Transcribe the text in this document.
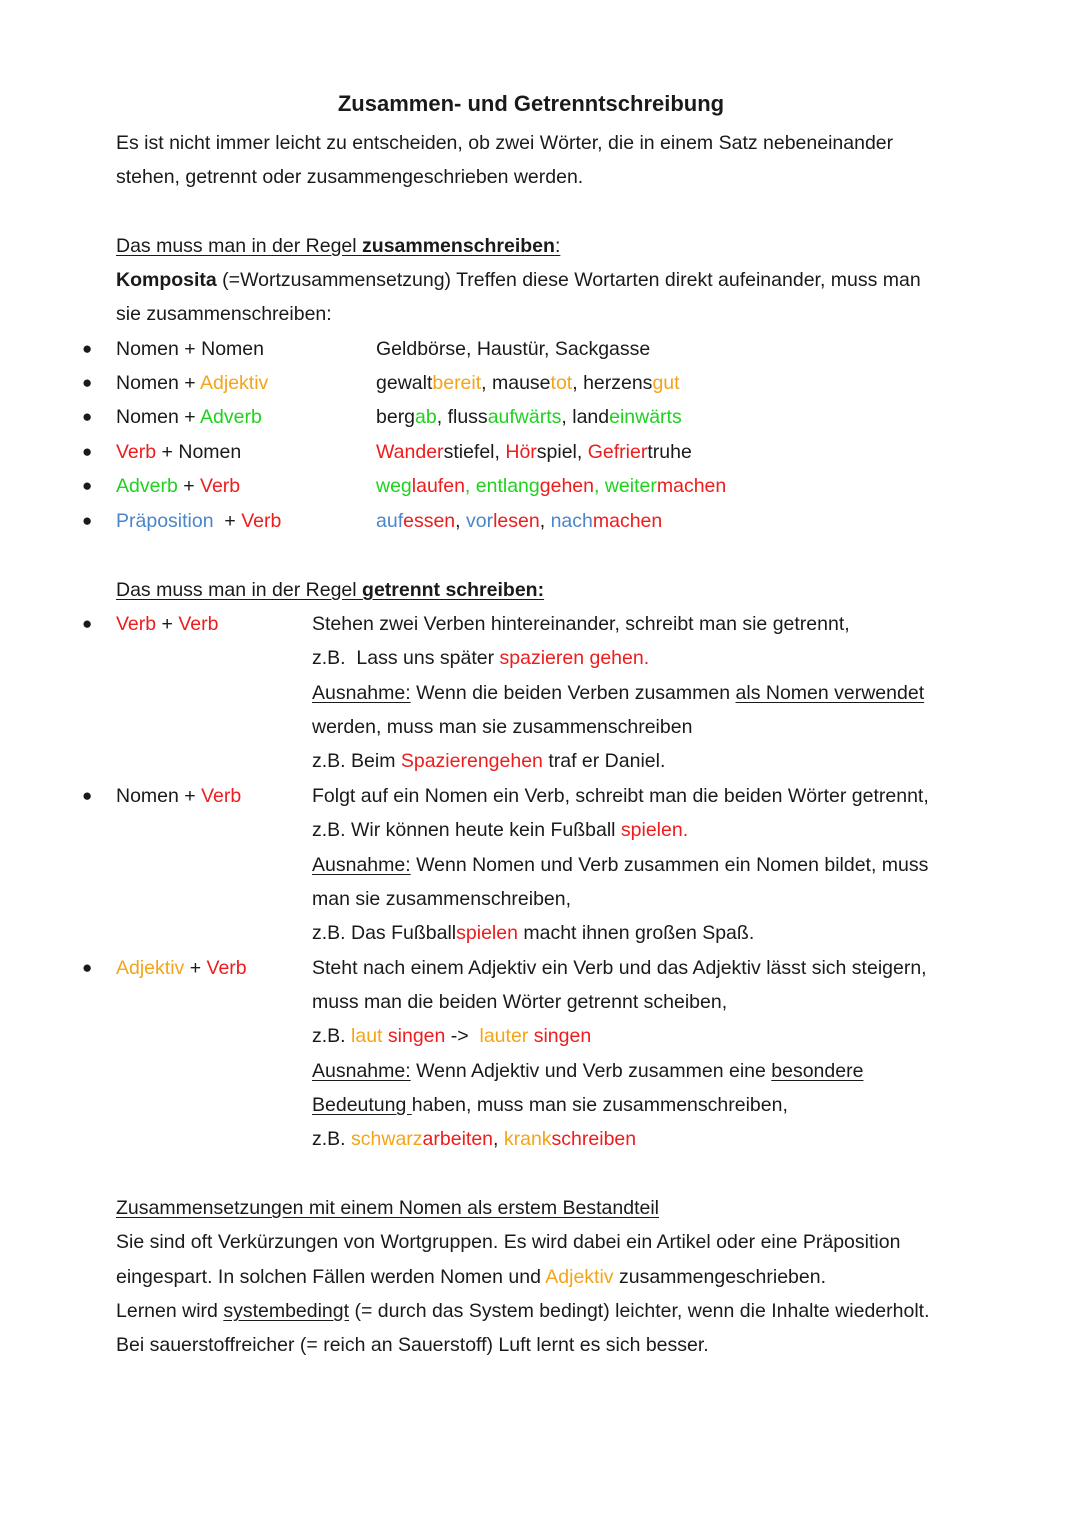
Zusammen- und Getrenntschreibung
Es ist nicht immer leicht zu entscheiden, ob zwei Wörter, die in einem Satz nebeneinander
stehen, getrennt oder zusammengeschrieben werden.
Das muss man in der Regel zusammenschreiben:
Komposita (=Wortzusammensetzung) Treffen diese Wortarten direkt aufeinander, muss man
sie zusammenschreiben:
● Nomen + Nomen	Geldbörse, Haustür, Sackgasse
● Nomen + Adjektiv	gewaltbereit, mausetot, herzensgut
● Nomen + Adverb	bergab, flussaufwärts, landeinwärts
● Verb + Nomen	Wanderstiefel, Hörspiel, Gefriertruhe
● Adverb + Verb	weglaufen, entlanggehen, weitermachen
● Präposition  + Verb	aufessen, vorlesen, nachmachen
Das muss man in der Regel getrennt schreiben:
● Verb + Verb	Stehen zwei Verben hintereinander, schreibt man sie getrennt,
z.B.  Lass uns später spazieren gehen.
Ausnahme: Wenn die beiden Verben zusammen als Nomen verwendet
werden, muss man sie zusammenschreiben
z.B. Beim Spazierengehen traf er Daniel.
● Nomen + Verb	Folgt auf ein Nomen ein Verb, schreibt man die beiden Wörter getrennt,
z.B. Wir können heute kein Fußball spielen.
Ausnahme: Wenn Nomen und Verb zusammen ein Nomen bildet, muss
man sie zusammenschreiben,
z.B. Das Fußballspielen macht ihnen großen Spaß.
● Adjektiv + Verb	Steht nach einem Adjektiv ein Verb und das Adjektiv lässt sich steigern,
muss man die beiden Wörter getrennt scheiben,
z.B. laut singen ->  lauter singen
Ausnahme: Wenn Adjektiv und Verb zusammen eine besondere
Bedeutung haben, muss man sie zusammenschreiben,
z.B. schwarzarbeiten, krankschreiben
Zusammensetzungen mit einem Nomen als erstem Bestandteil
Sie sind oft Verkürzungen von Wortgruppen. Es wird dabei ein Artikel oder eine Präposition
eingespart. In solchen Fällen werden Nomen und Adjektiv zusammengeschrieben.
Lernen wird systembedingt (= durch das System bedingt) leichter, wenn die Inhalte wiederholt.
Bei sauerstoffreicher (= reich an Sauerstoff) Luft lernt es sich besser.
